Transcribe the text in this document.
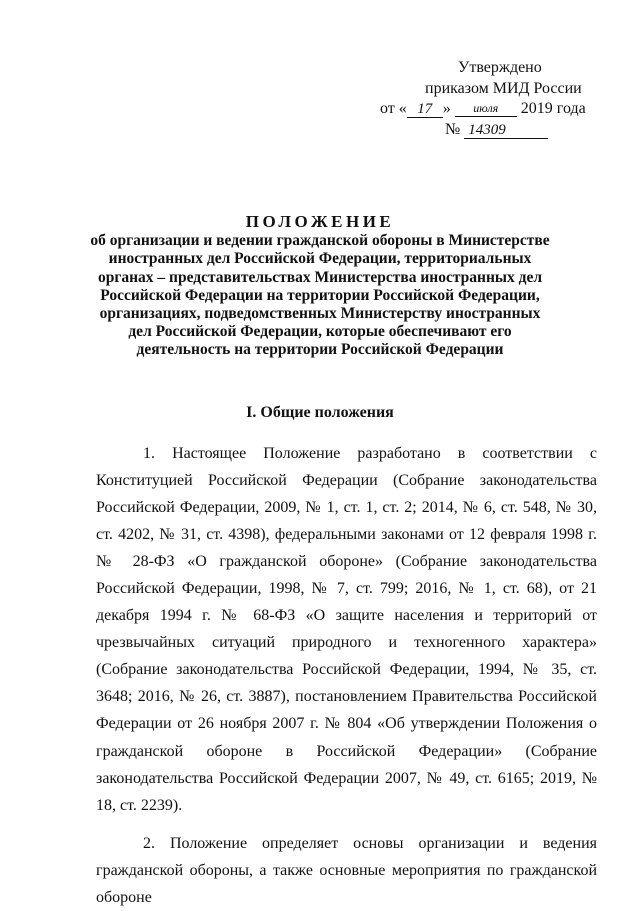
Утверждено
приказом МИД России
от « 17 » июля 2019 года
№ 14309
ПОЛОЖЕНИЕ
об организации и ведении гражданской обороны в Министерстве иностранных дел Российской Федерации, территориальных органах – представительствах Министерства иностранных дел Российской Федерации на территории Российской Федерации, организациях, подведомственных Министерству иностранных дел Российской Федерации, которые обеспечивают его деятельность на территории Российской Федерации
I. Общие положения

1. Настоящее Положение разработано в соответствии с Конституцией Российской Федерации (Собрание законодательства Российской Федерации, 2009, № 1, ст. 1, ст. 2; 2014, № 6, ст. 548, № 30, ст. 4202, № 31, ст. 4398), федеральными законами от 12 февраля 1998 г. № 28-ФЗ «О гражданской обороне» (Собрание законодательства Российской Федерации, 1998, № 7, ст. 799; 2016, № 1, ст. 68), от 21 декабря 1994 г. № 68-ФЗ «О защите населения и территорий от чрезвычайных ситуаций природного и техногенного характера» (Собрание законодательства Российской Федерации, 1994, № 35, ст. 3648; 2016, № 26, ст. 3887), постановлением Правительства Российской Федерации от 26 ноября 2007 г. № 804 «Об утверждении Положения о гражданской обороне в Российской Федерации» (Собрание законодательства Российской Федерации 2007, № 49, ст. 6165; 2019, № 18, ст. 2239).

2. Положение определяет основы организации и ведения гражданской обороны, а также основные мероприятия по гражданской обороне
